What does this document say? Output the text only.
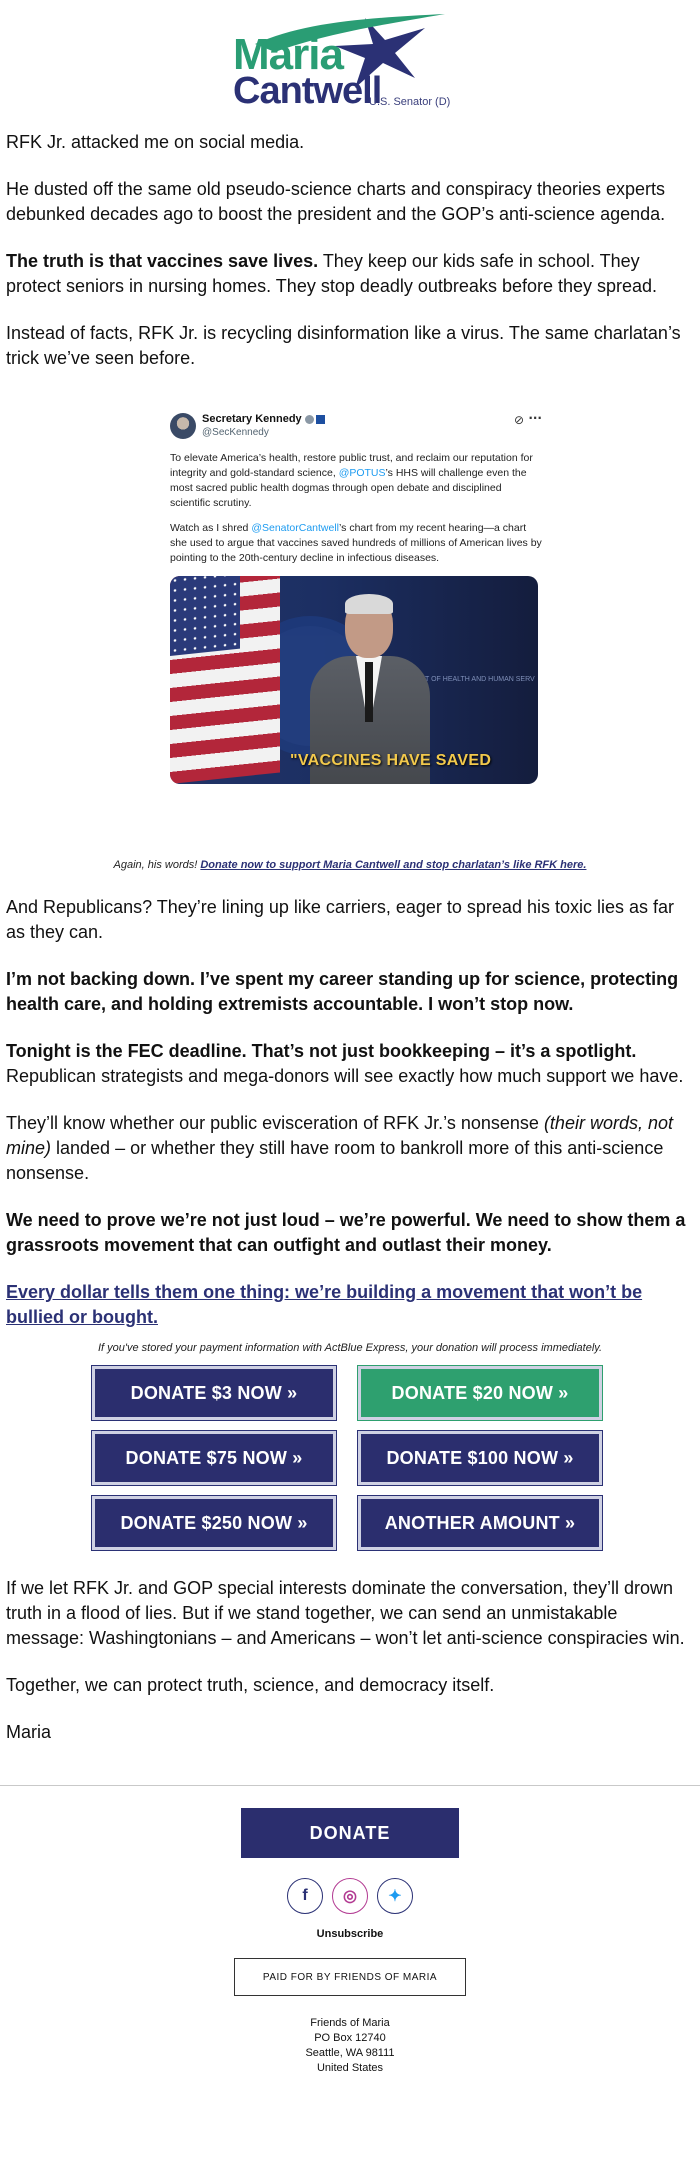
Maria
Cantwell
U.S. Senator (D)

RFK Jr. attacked me on social media.

He dusted off the same old pseudo-science charts and conspiracy theories experts debunked decades ago to boost the president and the GOP’s anti-science agenda.

The truth is that vaccines save lives. They keep our kids safe in school. They protect seniors in nursing homes. They stop deadly outbreaks before they spread.

Instead of facts, RFK Jr. is recycling disinformation like a virus. The same charlatan’s trick we’ve seen before.

Secretary Kennedy
@SecKennedy
⊘ ···

To elevate America’s health, restore public trust, and reclaim our reputation for integrity and gold-standard science, @POTUS’s HHS will challenge even the most sacred public health dogmas through open debate and disciplined scientific scrutiny.

Watch as I shred @SenatorCantwell’s chart from my recent hearing—a chart she used to argue that vaccines saved hundreds of millions of American lives by pointing to the 20th-century decline in infectious diseases.

T OF HEALTH AND HUMAN SERV
"VACCINES HAVE SAVED

Again, his words! Donate now to support Maria Cantwell and stop charlatan’s like RFK here.

And Republicans? They’re lining up like carriers, eager to spread his toxic lies as far as they can.

I’m not backing down. I’ve spent my career standing up for science, protecting health care, and holding extremists accountable. I won’t stop now.

Tonight is the FEC deadline. That’s not just bookkeeping – it’s a spotlight. Republican strategists and mega-donors will see exactly how much support we have.

They’ll know whether our public evisceration of RFK Jr.’s nonsense (their words, not mine) landed – or whether they still have room to bankroll more of this anti-science nonsense.

We need to prove we’re not just loud – we’re powerful. We need to show them a grassroots movement that can outfight and outlast their money.

Every dollar tells them one thing: we’re building a movement that won’t be bullied or bought.

If you've stored your payment information with ActBlue Express, your donation will process immediately.

DONATE $3 NOW »	DONATE $20 NOW »
DONATE $75 NOW »	DONATE $100 NOW »
DONATE $250 NOW »	ANOTHER AMOUNT »

If we let RFK Jr. and GOP special interests dominate the conversation, they’ll drown truth in a flood of lies. But if we stand together, we can send an unmistakable message: Washingtonians – and Americans – won’t let anti-science conspiracies win.

Together, we can protect truth, science, and democracy itself.

Maria

DONATE
f	◎	✦
Unsubscribe
PAID FOR BY FRIENDS OF MARIA
Friends of Maria
PO Box 12740
Seattle, WA 98111
United States
